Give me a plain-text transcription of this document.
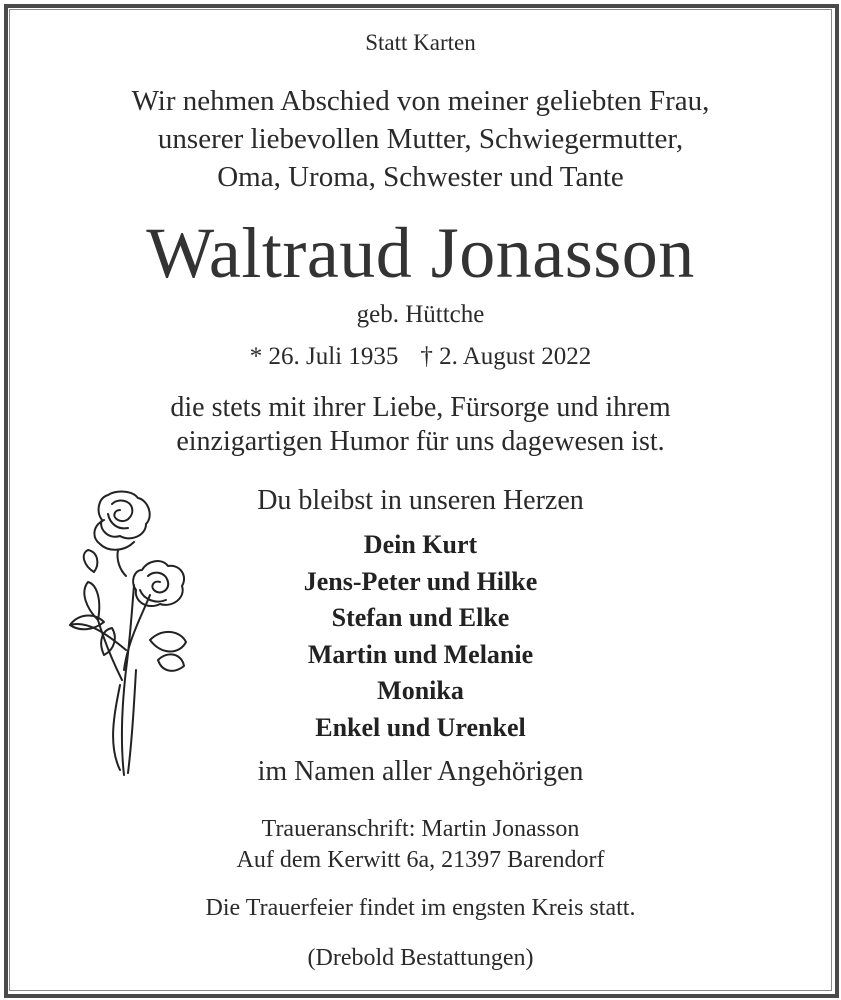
Statt Karten
Wir nehmen Abschied von meiner geliebten Frau,
unserer liebevollen Mutter, Schwiegermutter,
Oma, Uroma, Schwester und Tante
Waltraud Jonasson
geb. Hüttche
* 26. Juli 1935 † 2. August 2022
die stets mit ihrer Liebe, Fürsorge und ihrem
einzigartigen Humor für uns dagewesen ist.
Du bleibst in unseren Herzen
Dein Kurt
Jens-Peter und Hilke
Stefan und Elke
Martin und Melanie
Monika
Enkel und Urenkel
im Namen aller Angehörigen
Traueranschrift: Martin Jonasson
Auf dem Kerwitt 6a, 21397 Barendorf
Die Trauerfeier findet im engsten Kreis statt.
(Drebold Bestattungen)
